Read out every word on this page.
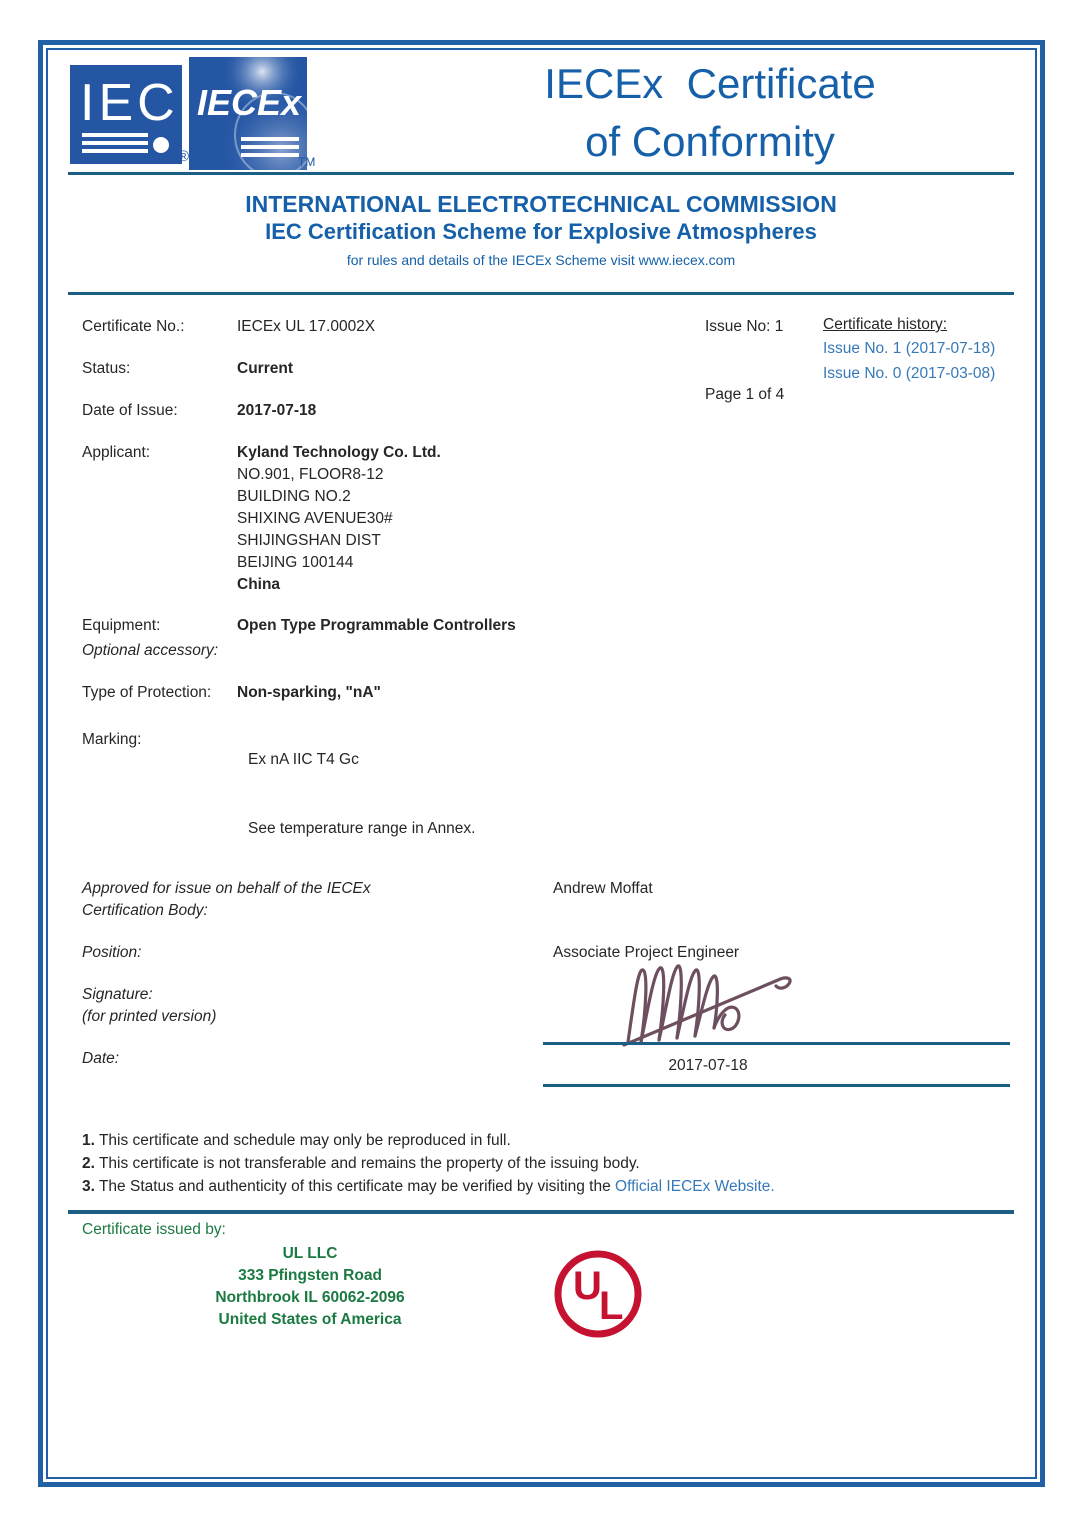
IEC
®
IECEx
TM
IECEx  Certificate
of Conformity
INTERNATIONAL ELECTROTECHNICAL COMMISSION
IEC Certification Scheme for Explosive Atmospheres
for rules and details of the IECEx Scheme visit www.iecex.com
Certificate No.:	IECEx UL 17.0002X	Issue No: 1	Certificate history:
Issue No. 1 (2017-07-18)
Issue No. 0 (2017-03-08)
Status:	Current
Page 1 of 4
Date of Issue:	2017-07-18
Applicant:	Kyland Technology Co. Ltd.
NO.901, FLOOR8-12
BUILDING NO.2
SHIXING AVENUE30#
SHIJINGSHAN DIST
BEIJING 100144
China
Equipment:	Open Type Programmable Controllers
Optional accessory:
Type of Protection: Non-sparking, "nA"
Marking:
Ex nA IIC T4 Gc
See temperature range in Annex.
Approved for issue on behalf of the IECEx
Certification Body:
Andrew Moffat
Position:	Associate Project Engineer
Signature:
(for printed version)
Date:	2017-07-18
1. This certificate and schedule may only be reproduced in full.
2. This certificate is not transferable and remains the property of the issuing body.
3. The Status and authenticity of this certificate may be verified by visiting the Official IECEx Website.
Certificate issued by:
UL LLC
333 Pfingsten Road
Northbrook IL 60062-2096
United States of America
U
L
